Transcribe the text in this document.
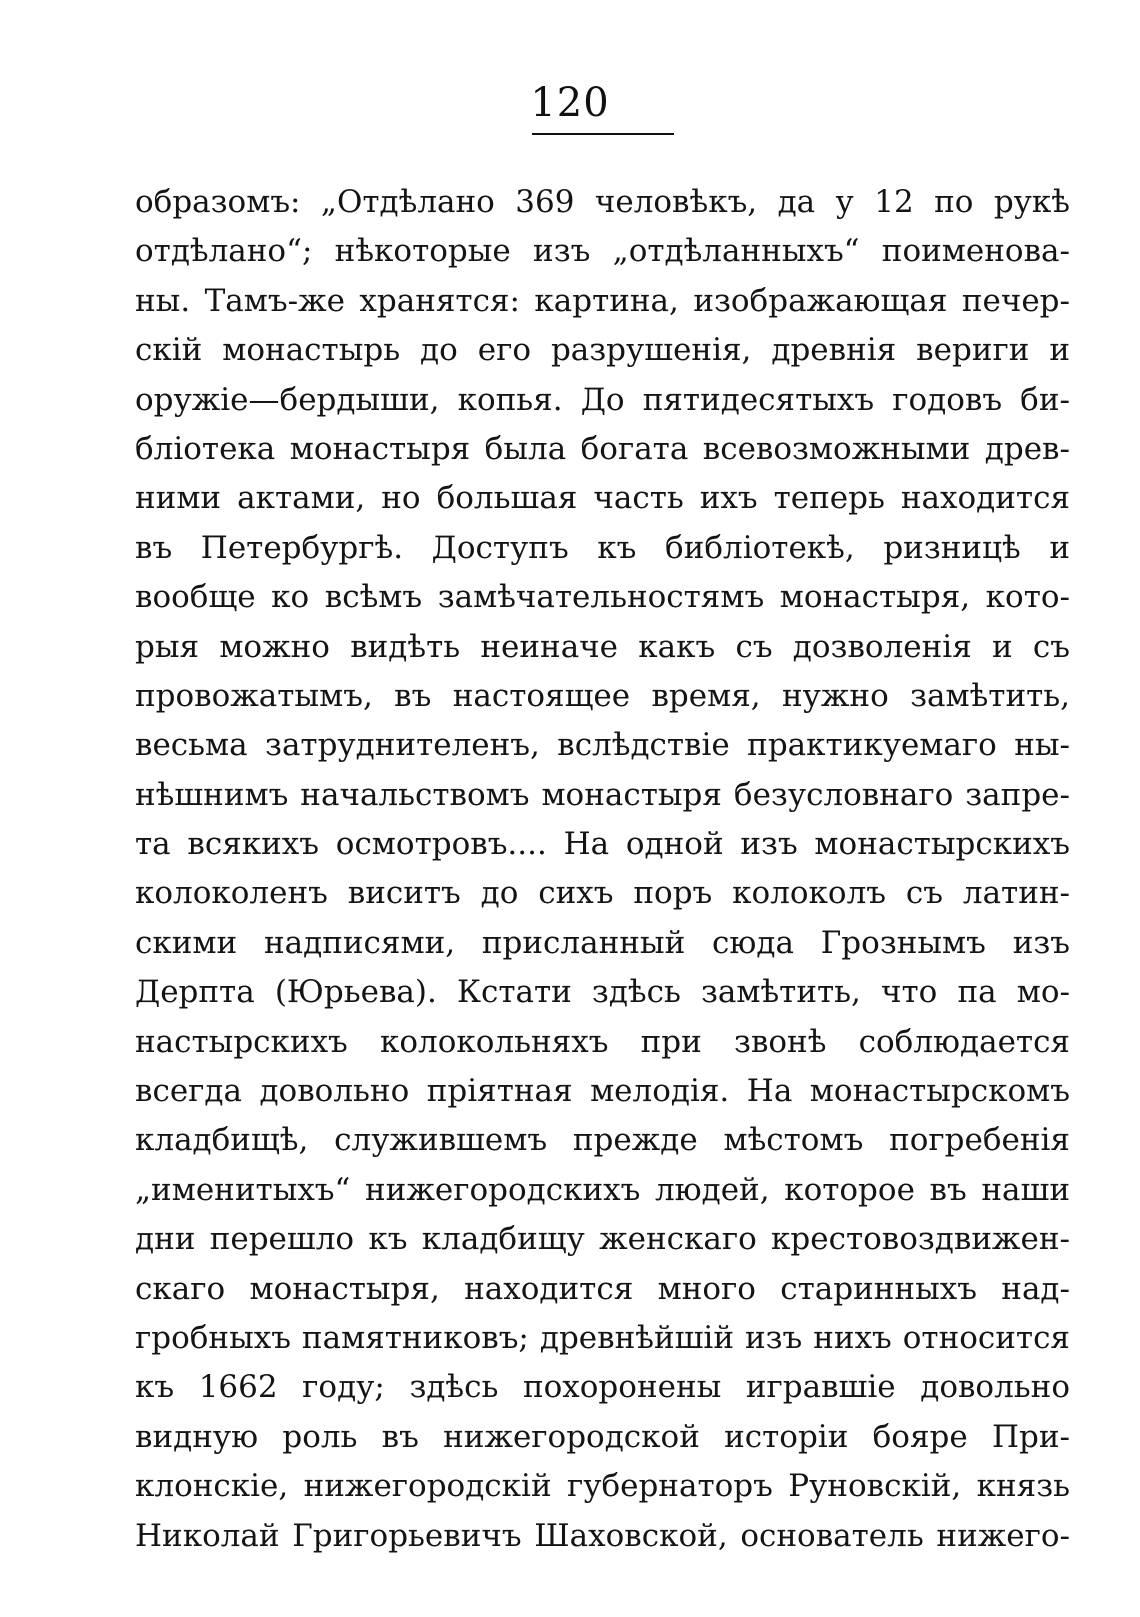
120
образомъ: „Отдѣлано 369 человѣкъ, да у 12 по рукѣ
отдѣлано“; нѣкоторые изъ „отдѣланныхъ“ поименова-
ны. Тамъ-же хранятся: картина, изображающая печер-
скій монастырь до его разрушенія, древнія вериги и
оружіе—бердыши, копья. До пятидесятыхъ годовъ би-
бліотека монастыря была богата всевозможными древ-
ними актами, но большая часть ихъ теперь находится
въ Петербургѣ. Доступъ къ библіотекѣ, ризницѣ и
вообще ко всѣмъ замѣчательностямъ монастыря, кото-
рыя можно видѣть неиначе какъ съ дозволенія и съ
провожатымъ, въ настоящее время, нужно замѣтить,
весьма затруднителенъ, вслѣдствіе практикуемаго ны-
нѣшнимъ начальствомъ монастыря безусловнаго запре-
та всякихъ осмотровъ.... На одной изъ монастырскихъ
колоколенъ виситъ до сихъ поръ колоколъ съ латин-
скими надписями, присланный сюда Грознымъ изъ
Дерпта (Юрьева). Кстати здѣсь замѣтить, что па мо-
настырскихъ колокольняхъ при звонѣ соблюдается
всегда довольно пріятная мелодія. На монастырскомъ
кладбищѣ, служившемъ прежде мѣстомъ погребенія
„именитыхъ“ нижегородскихъ людей, которое въ наши
дни перешло къ кладбищу женскаго крестовоздвижен-
скаго монастыря, находится много старинныхъ над-
гробныхъ памятниковъ; древнѣйшій изъ нихъ относится
къ 1662 году; здѣсь похоронены игравшіе довольно
видную роль въ нижегородской исторіи бояре При-
клонскіе, нижегородскій губернаторъ Руновскій, князь
Николай Григорьевичъ Шаховской, основатель нижего-
